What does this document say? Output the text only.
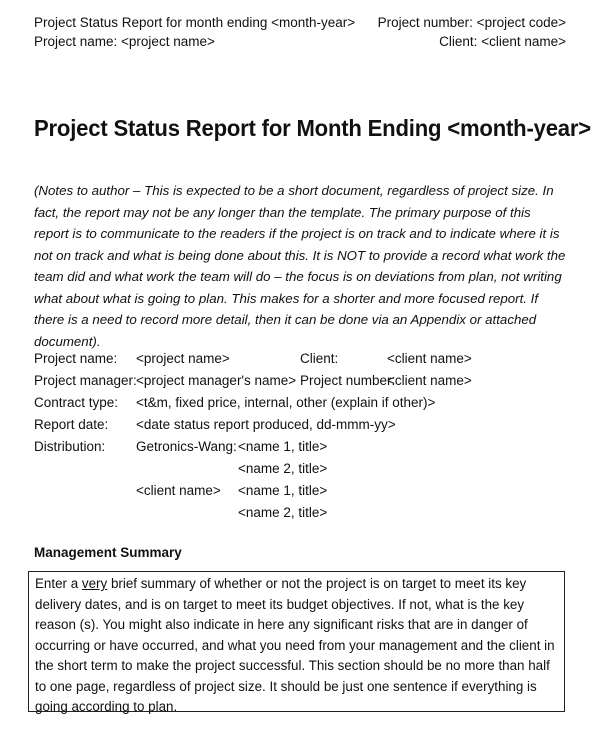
Project Status Report for month ending <month-year>
Project name: <project name>
Project number: <project code>
Client: <client name>
Project Status Report for Month Ending <month-year>
(Notes to author – This is expected to be a short document, regardless of project size. In fact, the report may not be any longer than the template. The primary purpose of this report is to communicate to the readers if the project is on track and to indicate where it is not on track and what is being done about this. It is NOT to provide a record what work the team did and what work the team will do – the focus is on deviations from plan, not writing what about what is going to plan. This makes for a shorter and more focused report. If there is a need to record more detail, then it can be done via an Appendix or attached document).
Project name: <project name>	Client:	<client name>
Project manager: <project manager's name> Project number:
<client name>
Contract type: <t&m, fixed price, internal, other (explain if other)>
Report date: <date status report produced, dd-mmm-yy>
Distribution: Getronics-Wang: <name 1, title>
<name 2, title>
<client name> <name 1, title>
<name 2, title>
Management Summary
Enter a very brief summary of whether or not the project is on target to meet its key delivery dates, and is on target to meet its budget objectives. If not, what is the key reason (s). You might also indicate in here any significant risks that are in danger of occurring or have occurred, and what you need from your management and the client in the short term to make the project successful. This section should be no more than half to one page, regardless of project size. It should be just one sentence if everything is going according to plan.
